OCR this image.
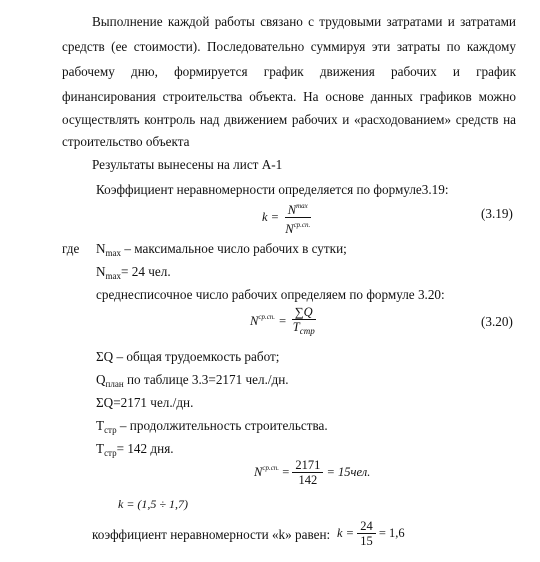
Выполнение каждой работы связано с трудовыми затратами и затратами
средств (ее стоимости). Последовательно суммируя эти затраты по каждому
рабочему дню, формируется график движения рабочих и график
финансирования строительства объекта. На основе данных графиков можно
осуществлять контроль над движением рабочих и «расходованием» средств на
строительство объекта
Результаты вынесены на лист А-1
Коэффициент неравномерности определяется по формуле3.19:
$k = \frac{N^{max}}{N^{ср.сп.}}$	(3.19)
где $N_{max}$ – максимальное число рабочих в сутки;
$N_{max}= 24$ чел.
среднесписочное число рабочих определяем по формуле 3.20:
$N^{ср.сп.} = \frac{\sum Q}{T_{стр}}$	(3.20)
ΣQ – общая трудоемкость работ;
$Q_{план}$ по таблице 3.3=2171 чел./дн.
ΣQ=2171 чел./дн.
$T_{стр}$ – продолжительность строительства.
$T_{стр}= 142$ дня.
$N^{ср.сп.} = \frac{2171}{142} = 15чел$.
k = (1,5 ÷ 1,7)
коэффициент неравномерности «k» равен: $k = \frac{24}{15} = 1,6$
